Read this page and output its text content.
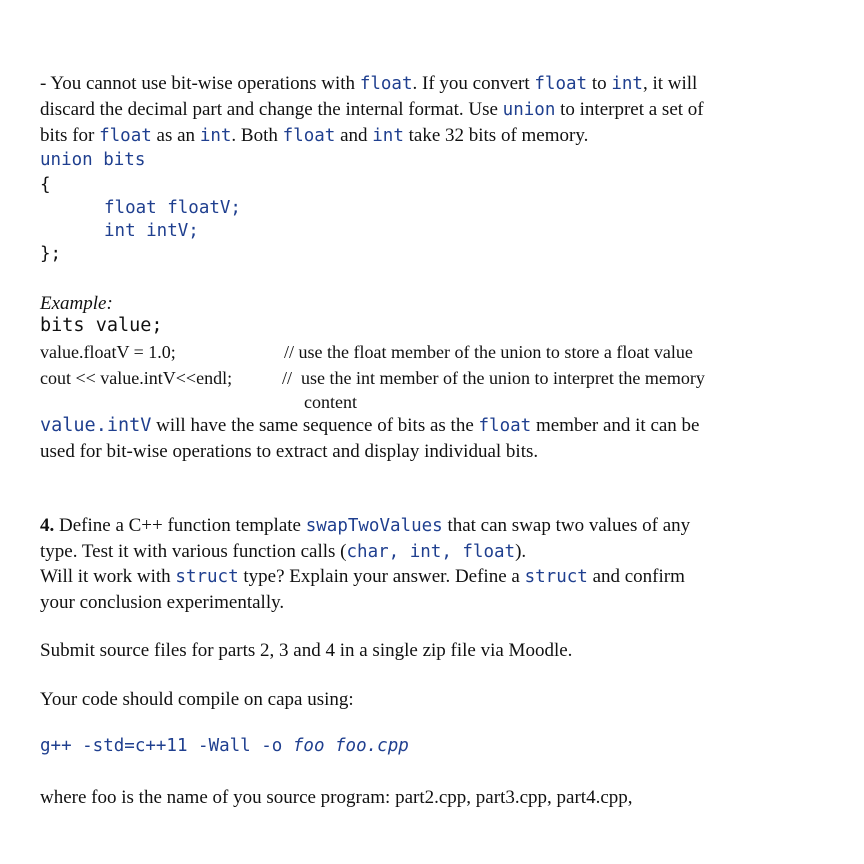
- You cannot use bit-wise operations with float. If you convert float to int, it will
discard the decimal part and change the internal format. Use union to interpret a set of
bits for float as an int. Both float and int take 32 bits of memory.
union bits
{
float floatV;
int intV;
};
Example:
bits value;
value.floatV = 1.0;	// use the float member of the union to store a float value
cout << value.intV<<endl;	//  use the int member of the union to interpret the memory
content
value.intV will have the same sequence of bits as the float member and it can be
used for bit-wise operations to extract and display individual bits.
4. Define a C++ function template swapTwoValues that can swap two values of any
type. Test it with various function calls (char, int, float).
Will it work with struct type? Explain your answer. Define a struct and confirm
your conclusion experimentally.
Submit source files for parts 2, 3 and 4 in a single zip file via Moodle.
Your code should compile on capa using:
g++ -std=c++11 -Wall -o foo foo.cpp
where foo is the name of you source program: part2.cpp, part3.cpp, part4.cpp,
